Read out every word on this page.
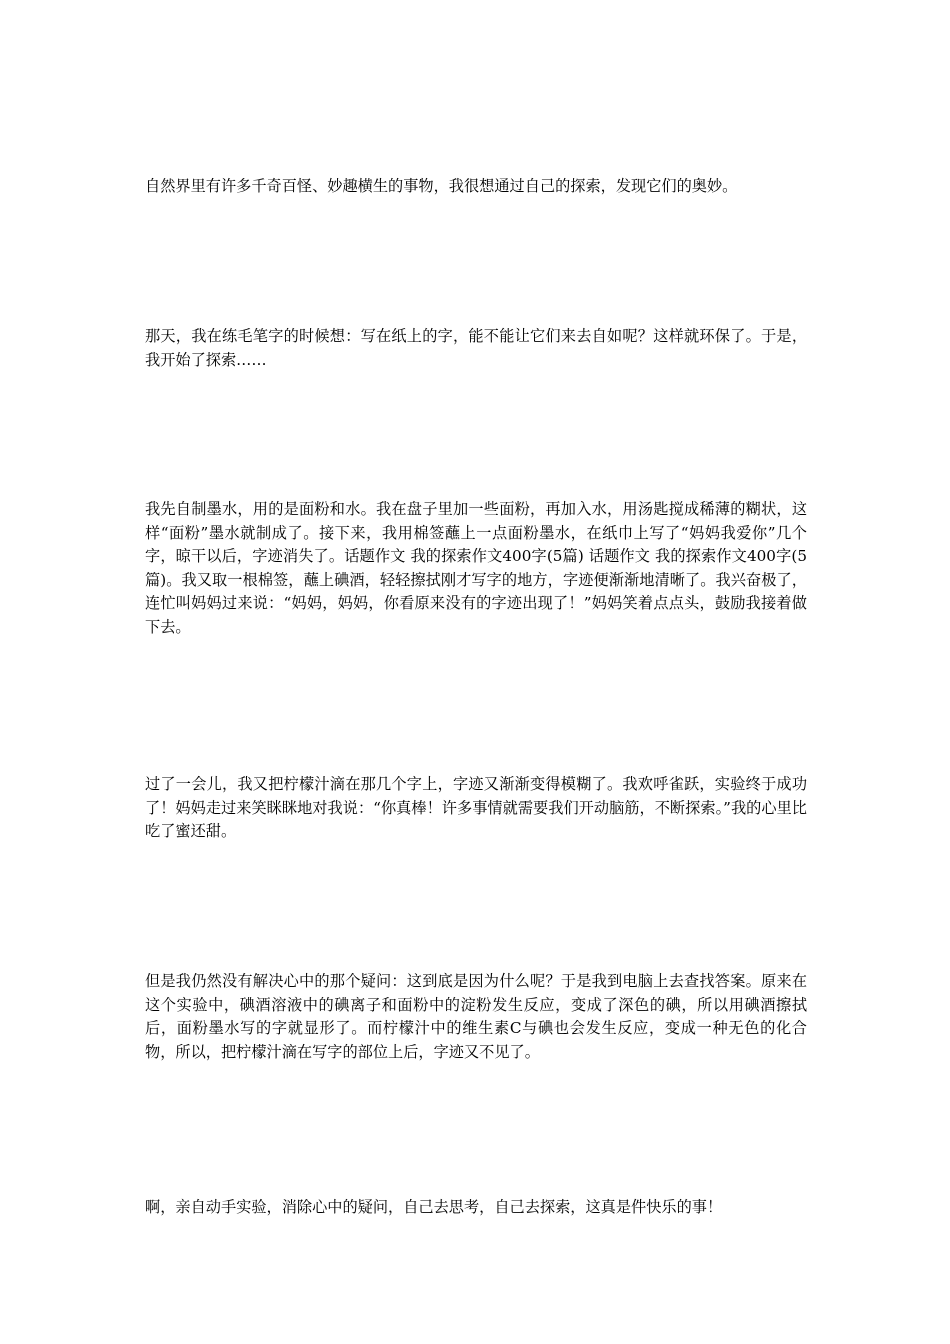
自然界里有许多千奇百怪、妙趣横生的事物，我很想通过自己的探索，发现它们的奥妙。

那天，我在练毛笔字的时候想：写在纸上的字，能不能让它们来去自如呢？这样就环保了。于是，我开始了探索……

我先自制墨水，用的是面粉和水。我在盘子里加一些面粉，再加入水，用汤匙搅成稀薄的糊状，这样“面粉”墨水就制成了。接下来，我用棉签蘸上一点面粉墨水，在纸巾上写了“妈妈我爱你”几个字，晾干以后，字迹消失了。话题作文 我的探索作文400字(5篇) 话题作文 我的探索作文400字(5篇)。我又取一根棉签，蘸上碘酒，轻轻擦拭刚才写字的地方，字迹便渐渐地清晰了。我兴奋极了，连忙叫妈妈过来说：“妈妈，妈妈，你看原来没有的字迹出现了！”妈妈笑着点点头，鼓励我接着做下去。

过了一会儿，我又把柠檬汁滴在那几个字上，字迹又渐渐变得模糊了。我欢呼雀跃，实验终于成功了！妈妈走过来笑眯眯地对我说：“你真棒！许多事情就需要我们开动脑筋，不断探索。”我的心里比吃了蜜还甜。

但是我仍然没有解决心中的那个疑问：这到底是因为什么呢？于是我到电脑上去查找答案。原来在这个实验中，碘酒溶液中的碘离子和面粉中的淀粉发生反应，变成了深色的碘，所以用碘酒擦拭后，面粉墨水写的字就显形了。而柠檬汁中的维生素C与碘也会发生反应，变成一种无色的化合物，所以，把柠檬汁滴在写字的部位上后，字迹又不见了。

啊，亲自动手实验，消除心中的疑问，自己去思考，自己去探索，这真是件快乐的事！
